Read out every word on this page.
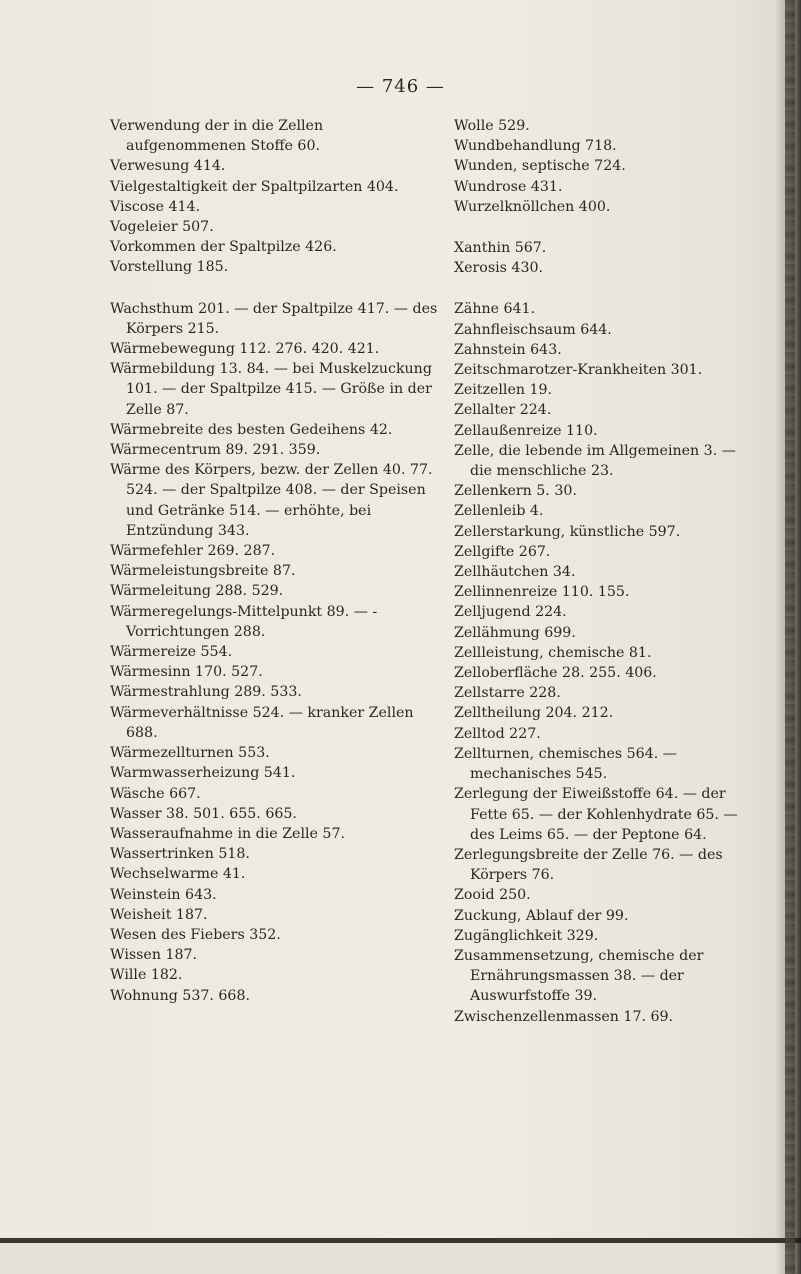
— 746 —
Verwendung der in die Zellen aufgenommenen Stoffe 60.
Verwesung 414.
Vielgestaltigkeit der Spaltpilzarten 404.
Viscose 414.
Vogeleier 507.
Vorkommen der Spaltpilze 426.
Vorstellung 185.
Wachsthum 201. — der Spaltpilze 417. — des Körpers 215.
Wärmebewegung 112. 276. 420. 421.
Wärmebildung 13. 84. — bei Muskelzuckung 101. — der Spaltpilze 415. — Größe in der Zelle 87.
Wärmebreite des besten Gedeihens 42.
Wärmecentrum 89. 291. 359.
Wärme des Körpers, bezw. der Zellen 40. 77. 524. — der Spaltpilze 408. — der Speisen und Getränke 514. — erhöhte, bei Entzündung 343.
Wärmefehler 269. 287.
Wärmeleistungsbreite 87.
Wärmeleitung 288. 529.
Wärmeregelungs-Mittelpunkt 89. — -Vorrichtungen 288.
Wärmereize 554.
Wärmesinn 170. 527.
Wärmestrahlung 289. 533.
Wärmeverhältnisse 524. — kranker Zellen 688.
Wärmezellturnen 553.
Warmwasserheizung 541.
Wäsche 667.
Wasser 38. 501. 655. 665.
Wasseraufnahme in die Zelle 57.
Wassertrinken 518.
Wechselwarme 41.
Weinstein 643.
Weisheit 187.
Wesen des Fiebers 352.
Wissen 187.
Wille 182.
Wohnung 537. 668.
Wolle 529.
Wundbehandlung 718.
Wunden, septische 724.
Wundrose 431.
Wurzelknöllchen 400.
Xanthin 567.
Xerosis 430.
Zähne 641.
Zahnfleischsaum 644.
Zahnstein 643.
Zeitschmarotzer-Krankheiten 301.
Zeitzellen 19.
Zellalter 224.
Zellaußenreize 110.
Zelle, die lebende im Allgemeinen 3. — die menschliche 23.
Zellenkern 5. 30.
Zellenleib 4.
Zellerstarkung, künstliche 597.
Zellgifte 267.
Zellhäutchen 34.
Zellinnenreize 110. 155.
Zelljugend 224.
Zellähmung 699.
Zellleistung, chemische 81.
Zelloberfläche 28. 255. 406.
Zellstarre 228.
Zelltheilung 204. 212.
Zelltod 227.
Zellturnen, chemisches 564. — mechanisches 545.
Zerlegung der Eiweißstoffe 64. — der Fette 65. — der Kohlenhydrate 65. — des Leims 65. — der Peptone 64.
Zerlegungsbreite der Zelle 76. — des Körpers 76.
Zooid 250.
Zuckung, Ablauf der 99.
Zugänglichkeit 329.
Zusammensetzung, chemische der Ernährungsmassen 38. — der Auswurfstoffe 39.
Zwischenzellenmassen 17. 69.
